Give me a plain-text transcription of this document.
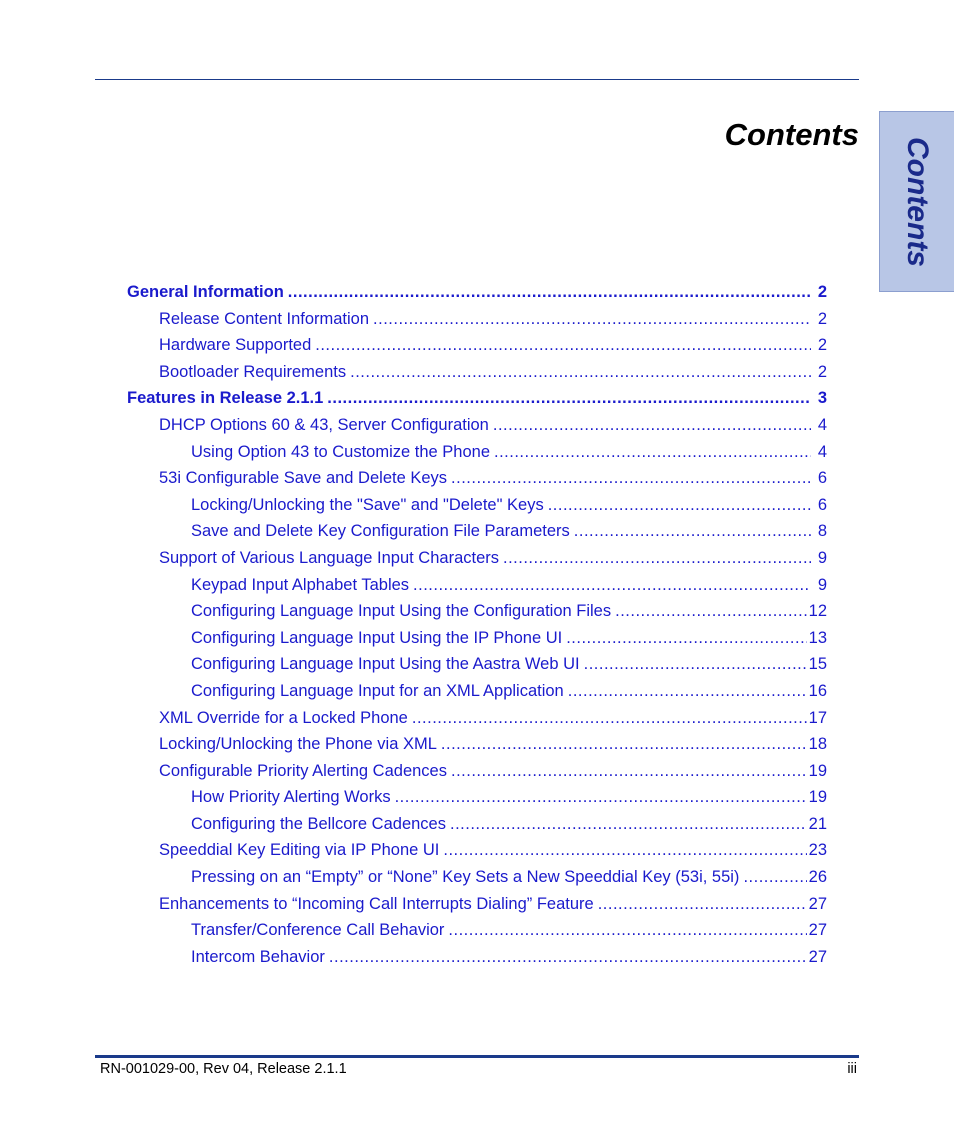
Contents
Contents
General Information .....	2
Release Content Information .....	2
Hardware Supported .....	2
Bootloader Requirements .....	2
Features in Release 2.1.1 .....	3
DHCP Options 60 & 43, Server Configuration .....	4
Using Option 43 to Customize the Phone .....	4
53i Configurable Save and Delete Keys .....	6
Locking/Unlocking the "Save" and "Delete" Keys .....	6
Save and Delete Key Configuration File Parameters .....	8
Support of Various Language Input Characters .....	9
Keypad Input Alphabet Tables .....	9
Configuring Language Input Using the Configuration Files .....	12
Configuring Language Input Using the IP Phone UI .....	13
Configuring Language Input Using the Aastra Web UI .....	15
Configuring Language Input for an XML Application .....	16
XML Override for a Locked Phone .....	17
Locking/Unlocking the Phone via XML .....	18
Configurable Priority Alerting Cadences .....	19
How Priority Alerting Works .....	19
Configuring the Bellcore Cadences .....	21
Speeddial Key Editing via IP Phone UI .....	23
Pressing on an “Empty” or “None” Key Sets a New Speeddial Key (53i, 55i) .....	26
Enhancements to “Incoming Call Interrupts Dialing” Feature .....	27
Transfer/Conference Call Behavior .....	27
Intercom Behavior .....	27
RN-001029-00, Rev 04, Release 2.1.1	iii
